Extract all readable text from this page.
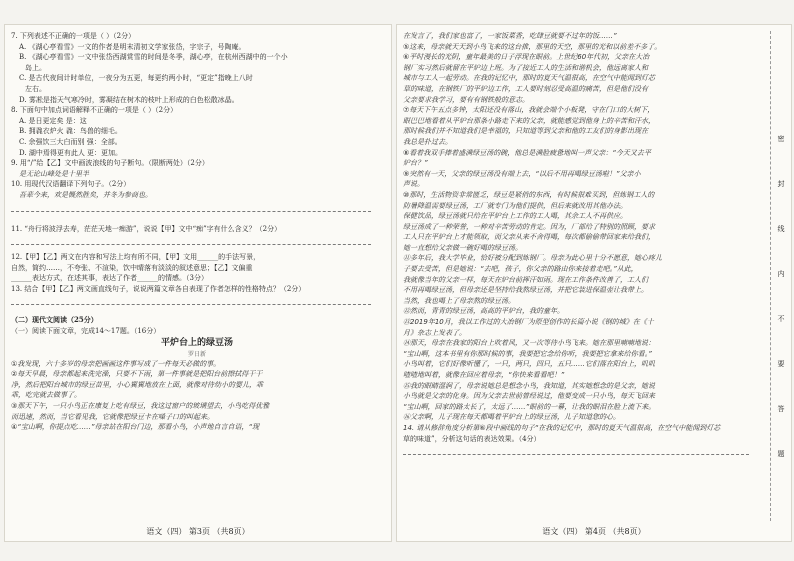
7. 下列表述不正确的一项是（ ）（2分）
A. 《湖心亭看雪》一文的作者是明末清初文学家张岱，字宗子，号陶庵。
B. 《湖心亭看雪》一文中张岱西湖赏雪的时间是冬季，湖心亭，在杭州西湖中的一个小
岛上。
C. 是古代夜间计时单位，一夜分为五更，每更约两小时，“更定”指晚上八时
左右。
D. 雾凇是指天气寒冷时，雾凝结在树木的枝叶上形成的白色松散冰晶。
8. 下面句中加点词语解释不正确的一项是（ ）（2分）
A. 是日更定矣 是：这
B. 拥毳衣炉火 毳：鸟兽的细毛。
C. 余强饮三大白而别 强：全部。
D. 湖中焉得更有此人 更：更加。
9. 用“/”给【乙】文中画波浪线的句子断句。（限断两处）（2分）
是无论山峰处是十里半
10. 用现代汉语翻译下列句子。（2分）
吾辈今来，欢是慨然胜矣，并冬为参商也。
11. “舟行将波浮去寿，茫茫天地一痴游”，说说【甲】文中“痴”字有什么含义？（2分）
12.【甲】【乙】两文在内容和写法上均有所不同，【甲】文用______的手法写景，
自然，简约……，不夸张、不渲染，饮中晴落有淡淡的叙述意思；【乙】文偏重
______表达方式，在述其事，表达了作者______的情感。（3分）
13. 结合【甲】【乙】两文画直线句子，说说两篇文章各自表现了作者怎样的性格特点？（2分）
（二）现代文阅读（25分）
（一）阅读下面文章，完成14～17题。（16分）
平炉台上的绿豆汤
罗日新
①我发现，六十多岁的母亲把画画这件事写成了一件每天必做的事。
②每天早晨，母亲都起来洗完澡，只要不下雨，第一件事就是把阳台前擦拭得干干
净，然后把阳台城市的绿豆苗里，小心翼翼地放在上面，就像对待幼小的婴儿，乖
乖，吃完就去做事了。
③那天下午，一只小鸟正在康复上吃有绿豆，我这过窗户的玻璃望去，小鸟吃得优雅
而迅速，然而，当它看见我，它就像把绿豆卡在嗓子口的叫起来。
④“宝山啊，你提点吃……”母亲站在阳台门边，那看小鸟，小声地自言自语，“现
语文（四） 第3页 （共8页）
在发言了，我们家也富了，一家饭菜香，吃肆豆就要不过年的饭……”
⑤这来，母亲就天天到小鸟飞来的这台推，那里的天空，那里的光和以前差不多了。
⑥平时漫长的光阴，童年最美的日子浮现在眼前。上世纪60年代初，父亲在大冶
钢厂实习然后就留在平炉边上班。为了接近工人的生活和谐机会，他远离家人和
城市与工人一起劳动。在我的记忆中，那时的夏天气温很高，在空气中能闻到灯芯
草的味道，在钢铁厂的平炉边工作，工人要时刻忍受高温的痛苦，但是他们没有
父亲要求我学习，要有有钢铁般的意志。
⑦每天下午五点多钟，太阳还没有落山，我就会端个小板凳，守在门口的大树下，
眼巴巴地看着从平炉台那条小路走下来的父亲，就能感觉到他身上的辛苦和汗水，
那时候我们并不知道我们是幸福的，只知道等到父亲和他的工友们的身影出现在
我总是扑过去。
⑧看着我双手捧着盛满绿豆汤的碗，他总是满脸疲惫地叫一声父亲：“今天又去平
炉台？”
⑨突然有一天，父亲的绿豆汤没有端上去，“以后不用再喝绿豆汤啦！”父亲小
声说。
⑩那时，生活物资非常匮乏，绿豆是紧俏的东西，有时候很难买到，但炼钢工人的
防暑降温需要绿豆汤，工厂就专门为他们提供，但后来就改用其他办法。
保健饮品，绿豆汤就只给在平炉台上工作的工人喝，其余工人不再供应。
绿豆汤成了一种荣誉，一种对辛苦劳动的肯定。因为，厂部给了特别的照顾，要求
工人只在平炉台上才能领取，而父亲从来不舍得喝，每次都偷偷带回家来给我们，
她一直想给父亲做一碗好喝的绿豆汤。
⑪多年后，我大学毕业，恰好被分配到炼钢厂。母亲为此心里十分不愿意，她心疼儿
子要去受苦，但是她说：“去吧，孩子，你父亲的路由你来接着走吧。”从此，
我就像当年的父亲一样，每天在炉台前挥汗如雨。现在工作条件改善了，工人们
不用再喝绿豆汤，但母亲还是坚持给我熬绿豆汤，并把它装进保温壶让我带上。
当然，我也喝上了母亲熬的绿豆汤。
⑫然而，青青的绿豆汤，高高的平炉台，我的童年。
⑬2019年10月，我以工作过的大冶钢厂为原型创作的长篇小说《钢的城》在《十
月》杂志上发表了。
⑭那天，母亲在我家的阳台上吹着风，又一次等待小鸟飞来。她在那里喃喃地说：
“宝山啊，这本书里有你那时候的事，我要把它念给你听，我要把它拿来给你看。”
小鸟叫着，它们好像听懂了，一只，两只，四只，五只……它们落在阳台上，叽叽
喳喳地叫着，就像在回应着母亲，“你快来看看吧！”
⑮我的眼睛湿润了，母亲说她总是想念小鸟，我知道，其实她想念的是父亲，她说
小鸟就是父亲的化身。因为父亲去世前曾经说过，他要变成一只小鸟，每天飞回来
“宝山啊，回家的路太长了，太远了……”眼前的一幕，让我的眼泪在脸上流下来。
⑯父亲啊，儿子现在每天都喝着平炉台上的绿豆汤，儿子知道您的心。
14. 请从修辞角度分析第⑥段中画线的句子“在我的记忆中，那时的夏天气温很高，在空气中能闻到灯芯
草的味道”，分析这句话的表达效果。（4分）
密
封
线
内
不
要
答
题
语文（四） 第4页 （共8页）
